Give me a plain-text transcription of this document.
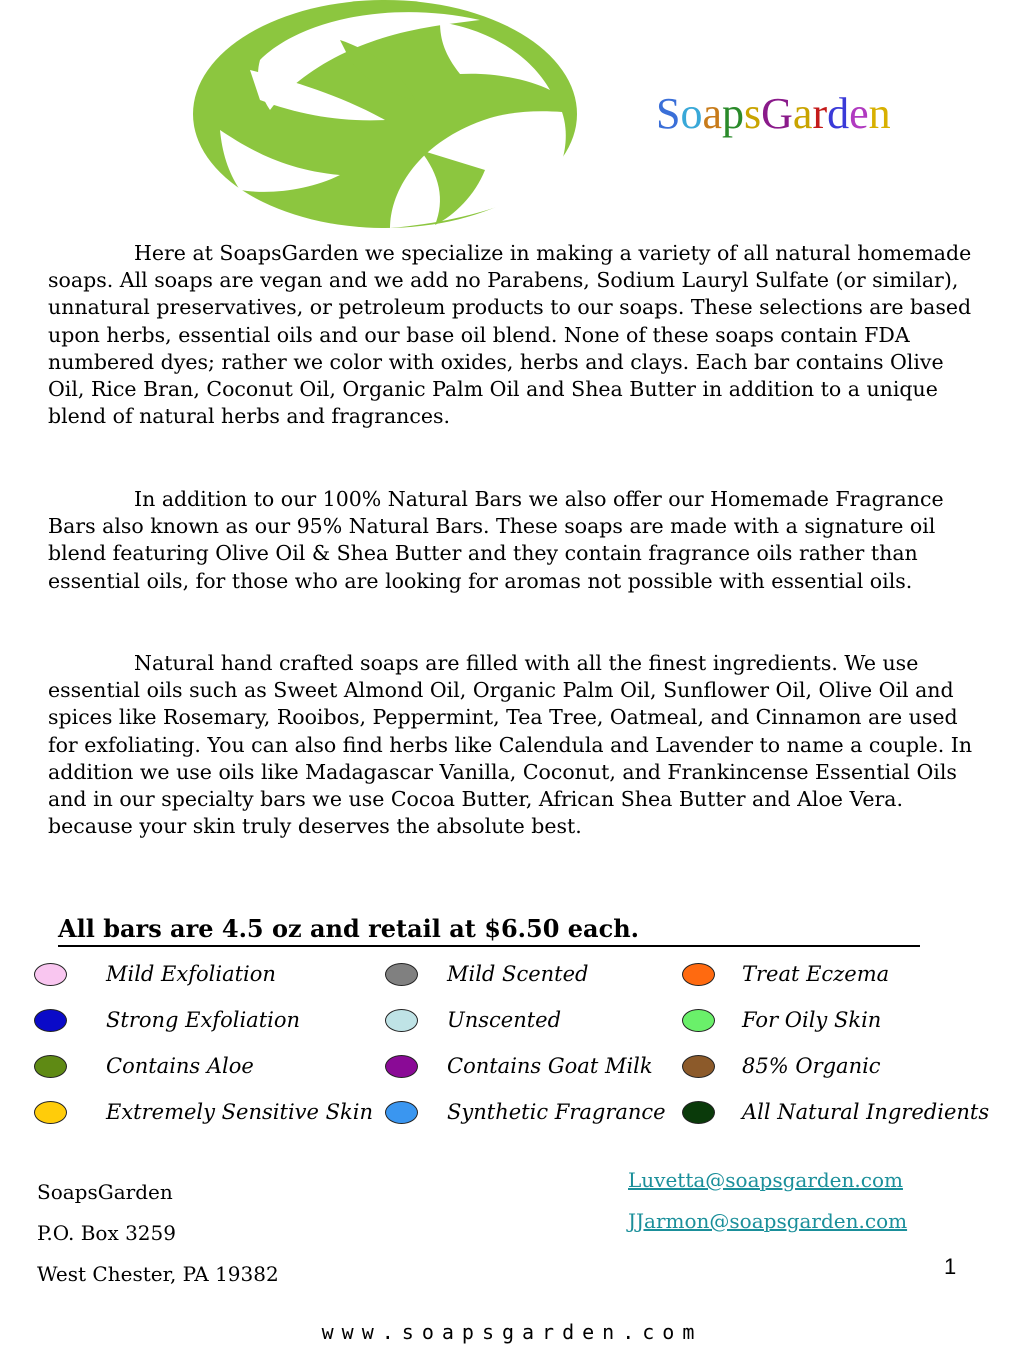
SoapsGarden

Here at SoapsGarden we specialize in making a variety of all natural homemade soaps. All soaps are vegan and we add no Parabens, Sodium Lauryl Sulfate (or similar), unnatural preservatives, or petroleum products to our soaps. These selections are based upon herbs, essential oils and our base oil blend. None of these soaps contain FDA numbered dyes; rather we color with oxides, herbs and clays. Each bar contains Olive Oil, Rice Bran, Coconut Oil, Organic Palm Oil and Shea Butter in addition to a unique blend of natural herbs and fragrances.

In addition to our 100% Natural Bars we also offer our Homemade Fragrance Bars also known as our 95% Natural Bars. These soaps are made with a signature oil blend featuring Olive Oil & Shea Butter and they contain fragrance oils rather than essential oils, for those who are looking for aromas not possible with essential oils.

Natural hand crafted soaps are filled with all the finest ingredients. We use essential oils such as Sweet Almond Oil, Organic Palm Oil, Sunflower Oil, Olive Oil and spices like Rosemary, Rooibos, Peppermint, Tea Tree, Oatmeal, and Cinnamon are used for exfoliating. You can also find herbs like Calendula and Lavender to name a couple. In addition we use oils like Madagascar Vanilla, Coconut, and Frankincense Essential Oils and in our specialty bars we use Cocoa Butter, African Shea Butter and Aloe Vera. because your skin truly deserves the absolute best.

All bars are 4.5 oz and retail at $6.50 each.
Mild Exfoliation	Mild Scented	Treat Eczema
Strong Exfoliation	Unscented	For Oily Skin
Contains Aloe	Contains Goat Milk	85% Organic
Extremely Sensitive Skin	Synthetic Fragrance	All Natural Ingredients
SoapsGarden
P.O. Box 3259
West Chester, PA 19382
Luvetta@soapsgarden.com
JJarmon@soapsgarden.com
1
www.soapsgarden.com
